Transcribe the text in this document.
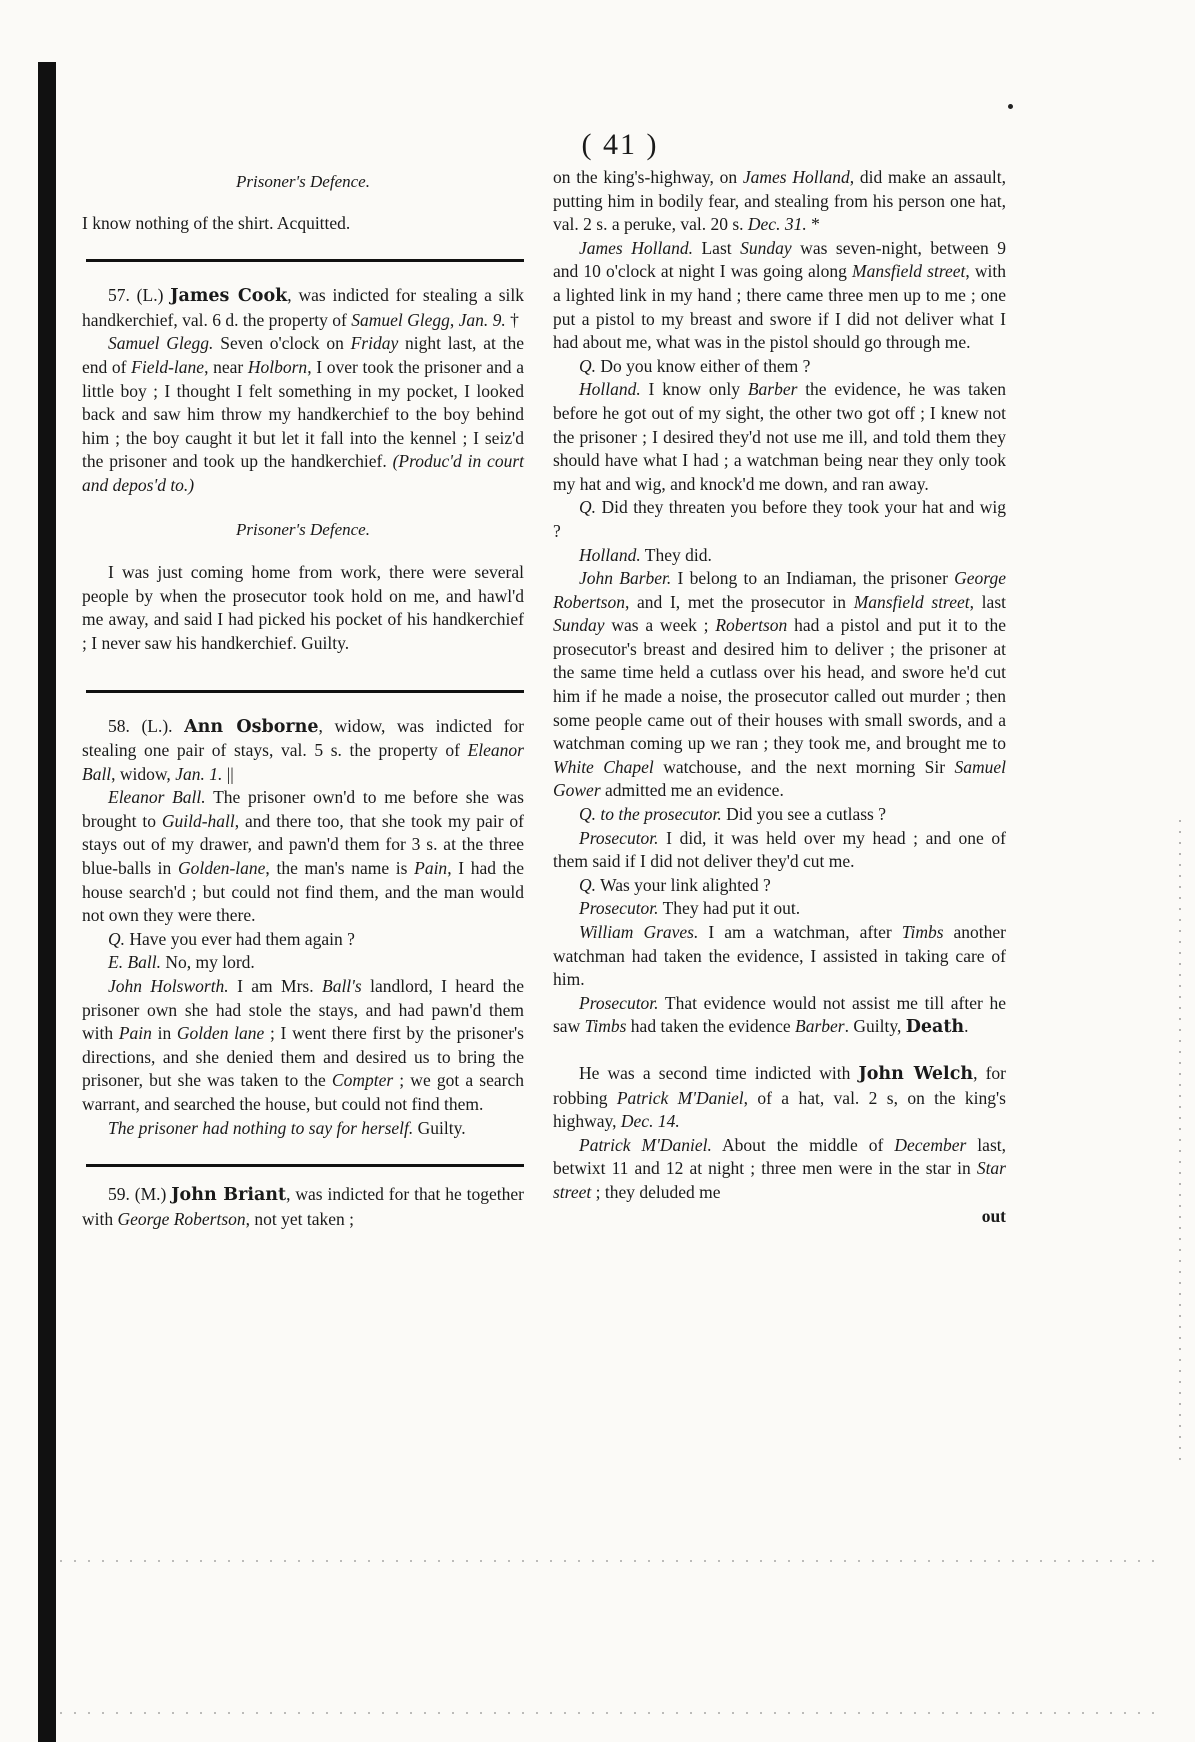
( 41 )

Prisoner's Defence.

I know nothing of the shirt. Acquitted.

57. (L.) James Cook, was indicted for stealing a silk handkerchief, val. 6 d. the property of Samuel Glegg, Jan. 9. †

Samuel Glegg. Seven o'clock on Friday night last, at the end of Field-lane, near Holborn, I over took the prisoner and a little boy ; I thought I felt something in my pocket, I looked back and saw him throw my handkerchief to the boy behind him ; the boy caught it but let it fall into the kennel ; I seiz'd the prisoner and took up the handkerchief. (Produc'd in court and depos'd to.)

Prisoner's Defence.

I was just coming home from work, there were several people by when the prosecutor took hold on me, and hawl'd me away, and said I had picked his pocket of his handkerchief ; I never saw his handkerchief. Guilty.

58. (L.). Ann Osborne, widow, was indicted for stealing one pair of stays, val. 5 s. the property of Eleanor Ball, widow, Jan. 1. ||

Eleanor Ball. The prisoner own'd to me before she was brought to Guild-hall, and there too, that she took my pair of stays out of my drawer, and pawn'd them for 3 s. at the three blue-balls in Golden-lane, the man's name is Pain, I had the house search'd ; but could not find them, and the man would not own they were there.

Q. Have you ever had them again ?

E. Ball. No, my lord.

John Holsworth. I am Mrs. Ball's landlord, I heard the prisoner own she had stole the stays, and had pawn'd them with Pain in Golden lane ; I went there first by the prisoner's directions, and she denied them and desired us to bring the prisoner, but she was taken to the Compter ; we got a search warrant, and searched the house, but could not find them.

The prisoner had nothing to say for herself. Guilty.

59. (M.) John Briant, was indicted for that he together with George Robertson, not yet taken ;

on the king's-highway, on James Holland, did make an assault, putting him in bodily fear, and stealing from his person one hat, val. 2 s. a peruke, val. 20 s. Dec. 31. *

James Holland. Last Sunday was seven-night, between 9 and 10 o'clock at night I was going along Mansfield street, with a lighted link in my hand ; there came three men up to me ; one put a pistol to my breast and swore if I did not deliver what I had about me, what was in the pistol should go through me.

Q. Do you know either of them ?

Holland. I know only Barber the evidence, he was taken before he got out of my sight, the other two got off ; I knew not the prisoner ; I desired they'd not use me ill, and told them they should have what I had ; a watchman being near they only took my hat and wig, and knock'd me down, and ran away.

Q. Did they threaten you before they took your hat and wig ?

Holland. They did.

John Barber. I belong to an Indiaman, the prisoner George Robertson, and I, met the prosecutor in Mansfield street, last Sunday was a week ; Robertson had a pistol and put it to the prosecutor's breast and desired him to deliver ; the prisoner at the same time held a cutlass over his head, and swore he'd cut him if he made a noise, the prosecutor called out murder ; then some people came out of their houses with small swords, and a watchman coming up we ran ; they took me, and brought me to White Chapel watchouse, and the next morning Sir Samuel Gower admitted me an evidence.

Q. to the prosecutor. Did you see a cutlass ?

Prosecutor. I did, it was held over my head ; and one of them said if I did not deliver they'd cut me.

Q. Was your link alighted ?

Prosecutor. They had put it out.

William Graves. I am a watchman, after Timbs another watchman had taken the evidence, I assisted in taking care of him.

Prosecutor. That evidence would not assist me till after he saw Timbs had taken the evidence Barber. Guilty, Death.

He was a second time indicted with John Welch, for robbing Patrick M'Daniel, of a hat, val. 2 s, on the king's highway, Dec. 14.

Patrick M'Daniel. About the middle of December last, betwixt 11 and 12 at night ; three men were in the star in Star street ; they deluded me

out
